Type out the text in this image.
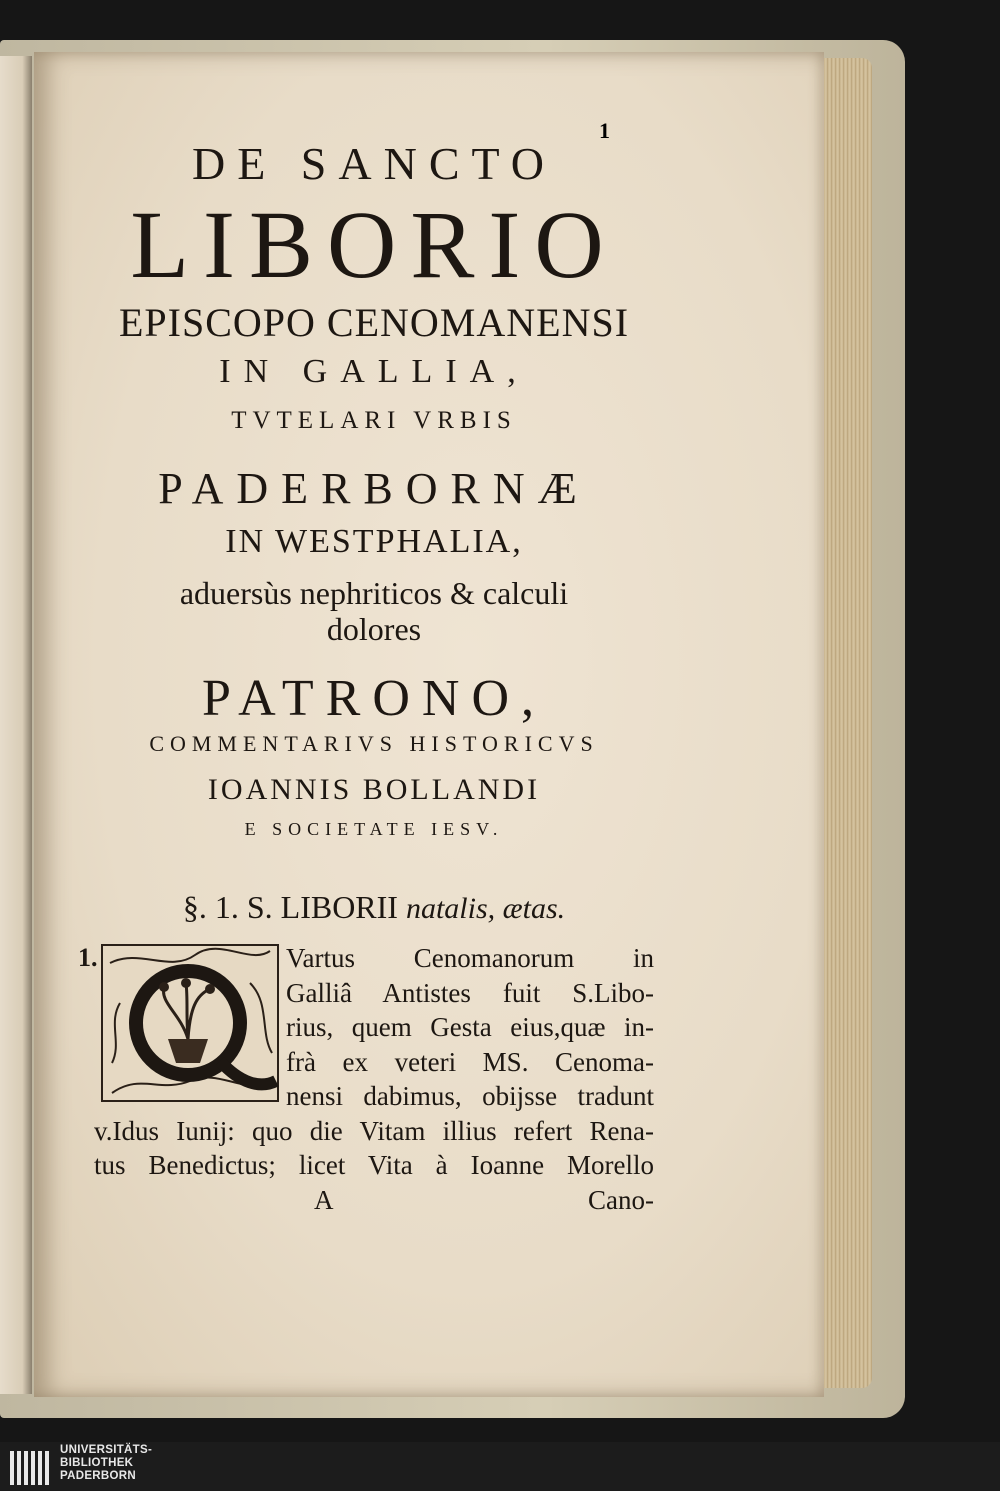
1
DE SANCTO
LIBORIO
EPISCOPO CENOMANENSI
IN GALLIA,
TVTELARI VRBIS
PADERBORNÆ
IN WESTPHALIA,
aduersùs nephriticos & calculi
dolores
PATRONO,
COMMENTARIVS HISTORICVS
IOANNIS BOLLANDI
E SOCIETATE IESV.
§. 1. S. LIBORII natalis, ætas.
1.	Vartus Cenomanorum in
Galliâ Antistes fuit S.Libo-
rius, quem Gesta eius,quæ in-
frà ex veteri MS. Cenoma-
nensi dabimus, obijsse tradunt
v.Idus Iunij: quo die Vitam illius refert Rena-
tus Benedictus; licet Vita à Ioanne Morello
A	Cano-
UNIVERSITÄTS-
BIBLIOTHEK
PADERBORN
